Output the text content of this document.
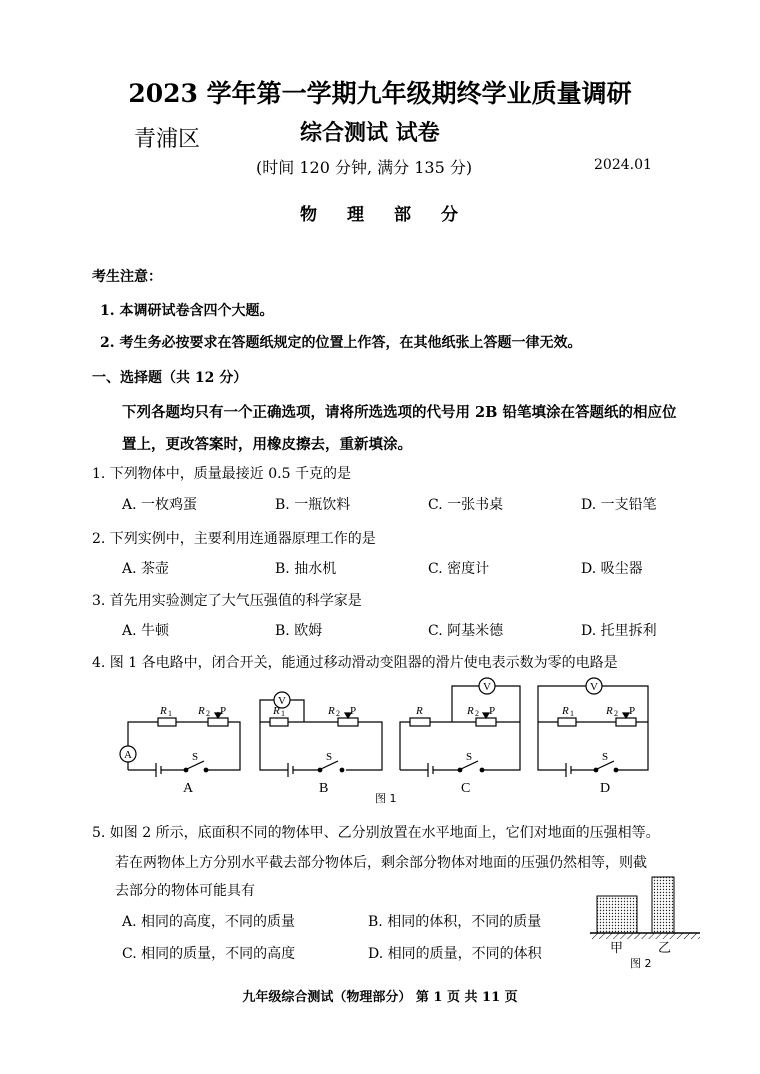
2023 学年第一学期九年级期终学业质量调研
青浦区	综合测试 试卷
(时间 120 分钟, 满分 135 分)	2024.01
物理部分
考生注意：
1. 本调研试卷含四个大题。
2. 考生务必按要求在答题纸规定的位置上作答，在其他纸张上答题一律无效。
一、选择题（共 12 分）
下列各题均只有一个正确选项，请将所选选项的代号用 2B 铅笔填涂在答题纸的相应位
置上，更改答案时，用橡皮擦去，重新填涂。
1. 下列物体中，质量最接近 0.5 千克的是
A. 一枚鸡蛋	B. 一瓶饮料	C. 一张书桌	D. 一支铅笔
2. 下列实例中，主要利用连通器原理工作的是
A. 茶壶	B. 抽水机	C. 密度计	D. 吸尘器
3. 首先用实验测定了大气压强值的科学家是
A. 牛顿	B. 欧姆	C. 阿基米德	D. 托里拆利
4. 图 1 各电路中，闭合开关，能通过移动滑动变阻器的滑片使电表示数为零的电路是
A
R 1 R 2 P
S
V
R 1	R 2 P
S
V
R	R 2 P
S
V
R 1	R 2 P
S
A	B	C	D
图 1
5. 如图 2 所示，底面积不同的物体甲、乙分别放置在水平地面上，它们对地面的压强相等。
若在两物体上方分别水平截去部分物体后，剩余部分物体对地面的压强仍然相等，则截
去部分的物体可能具有
A. 相同的高度，不同的质量	B. 相同的体积，不同的质量
C. 相同的质量，不同的高度	D. 相同的质量，不同的体积	甲	乙
图 2
九年级综合测试（物理部分） 第 1 页 共 11 页
